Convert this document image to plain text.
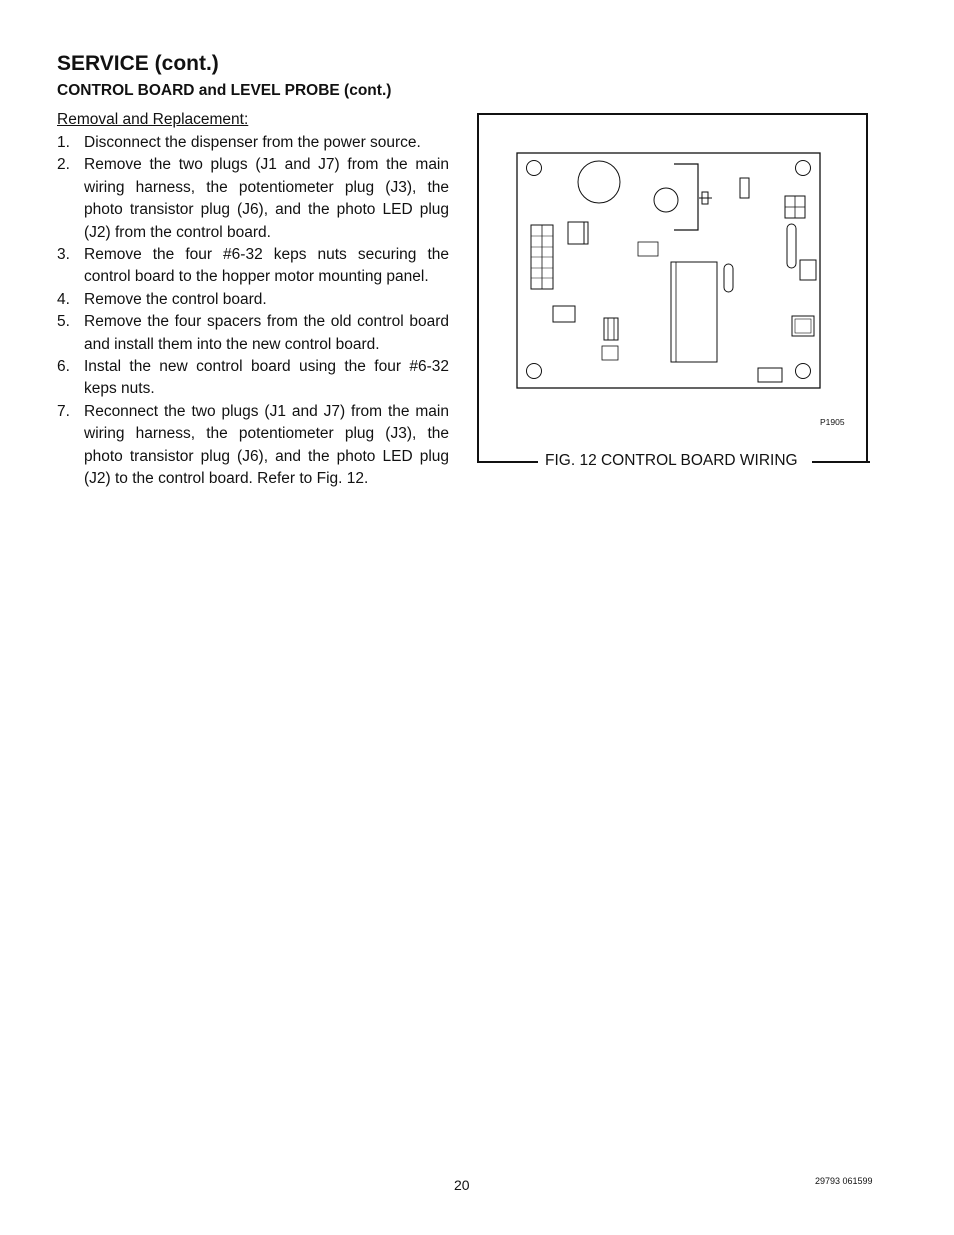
SERVICE (cont.)
CONTROL BOARD and LEVEL PROBE (cont.)
Removal and Replacement:
1. Disconnect the dispenser from the power source.
2. Remove the two plugs (J1 and J7) from the main wiring harness, the potentiometer plug (J3), the photo transistor plug (J6), and the photo LED plug (J2) from the control board.
3. Remove the four #6-32 keps nuts securing the control board to the hopper motor mounting panel.
4. Remove the control board.
5. Remove the four spacers from the old control board and install them into the new control board.
6. Instal the new control board using the four #6-32 keps nuts.
7. Reconnect the two plugs (J1 and J7) from the main wiring harness, the potentiometer plug (J3), the photo transistor plug (J6), and the photo LED plug (J2) to the control board. Refer to Fig. 12.
P1905
FIG. 12 CONTROL BOARD WIRING
20	29793 061599
